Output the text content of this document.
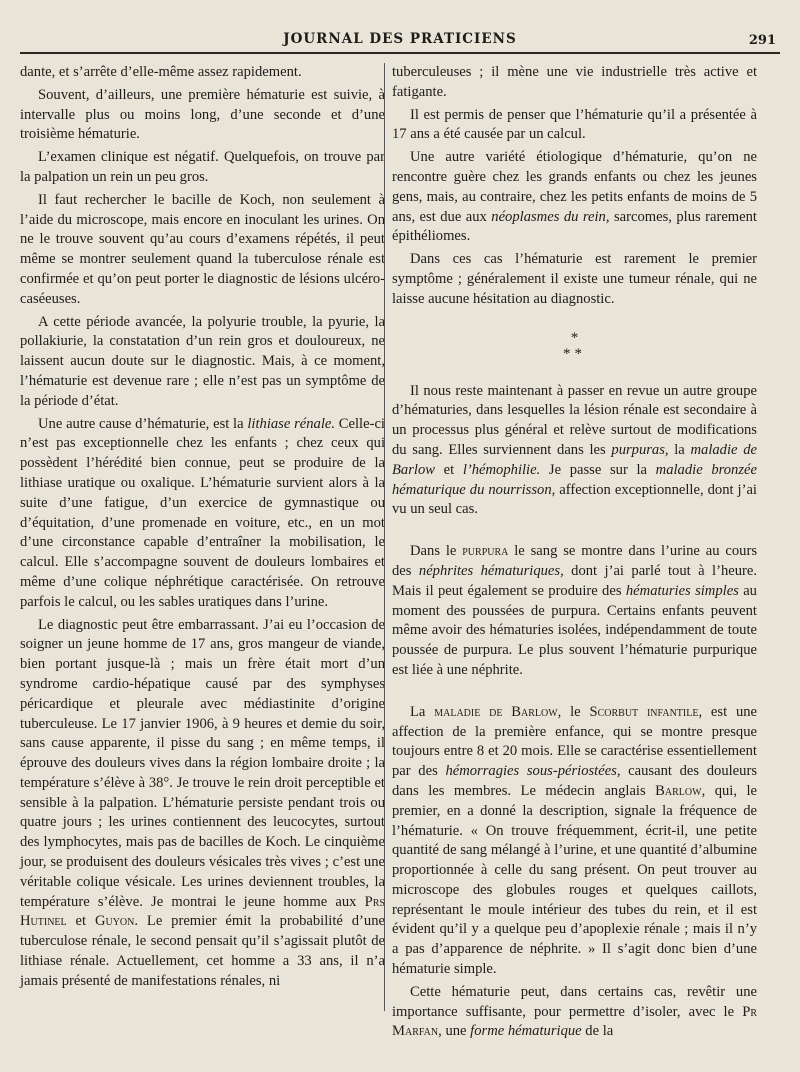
JOURNAL DES PRATICIENS	291

dante, et s’arrête d’elle-même assez rapidement.

Souvent, d’ailleurs, une première hématurie est suivie, à intervalle plus ou moins long, d’une seconde et d’une troisième hématurie.

L’examen clinique est négatif. Quelquefois, on trouve par la palpation un rein un peu gros.

Il faut rechercher le bacille de Koch, non seulement à l’aide du microscope, mais encore en inoculant les urines. On ne le trouve souvent qu’au cours d’examens répétés, il peut même se montrer seulement quand la tuberculose rénale est confirmée et qu’on peut porter le diagnostic de lésions ulcéro-caséeuses.

A cette période avancée, la polyurie trouble, la pyurie, la pollakiurie, la constatation d’un rein gros et douloureux, ne laissent aucun doute sur le diagnostic. Mais, à ce moment, l’hématurie est devenue rare ; elle n’est pas un symptôme de la période d’état.

Une autre cause d’hématurie, est la lithiase rénale. Celle-ci n’est pas exceptionnelle chez les enfants ; chez ceux qui possèdent l’hérédité bien connue, peut se produire de la lithiase uratique ou oxalique. L’hématurie survient alors à la suite d’une fatigue, d’un exercice de gymnastique ou d’équitation, d’une promenade en voiture, etc., en un mot d’une circonstance capable d’entraîner la mobilisation, le calcul. Elle s’accompagne souvent de douleurs lombaires et même d’une colique néphrétique caractérisée. On retrouve parfois le calcul, ou les sables uratiques dans l’urine.

Le diagnostic peut être embarrassant. J’ai eu l’occasion de soigner un jeune homme de 17 ans, gros mangeur de viande, bien portant jusque-là ; mais un frère était mort d’un syndrome cardio-hépatique causé par des symphyses péricardique et pleurale avec médiastinite d’origine tuberculeuse. Le 17 janvier 1906, à 9 heures et demie du soir, sans cause apparente, il pisse du sang ; en même temps, il éprouve des douleurs vives dans la région lombaire droite ; la température s’élève à 38°. Je trouve le rein droit perceptible et sensible à la palpation. L’hématurie persiste pendant trois ou quatre jours ; les urines contiennent des leucocytes, surtout des lymphocytes, mais pas de bacilles de Koch. Le cinquième jour, se produisent des douleurs vésicales très vives ; c’est une véritable colique vésicale. Les urines deviennent troubles, la température s’élève. Je montrai le jeune homme aux Prs Hutinel et Guyon. Le premier émit la probabilité d’une tuberculose rénale, le second pensait qu’il s’agissait plutôt de lithiase rénale. Actuellement, cet homme a 33 ans, il n’a jamais présenté de manifestations rénales, ni

tuberculeuses ; il mène une vie industrielle très active et fatigante.

Il est permis de penser que l’hématurie qu’il a présentée à 17 ans a été causée par un calcul.

Une autre variété étiologique d’hématurie, qu’on ne rencontre guère chez les grands enfants ou chez les jeunes gens, mais, au contraire, chez les petits enfants de moins de 5 ans, est due aux néoplasmes du rein, sarcomes, plus rarement épithéliomes.

Dans ces cas l’hématurie est rarement le premier symptôme ; généralement il existe une tumeur rénale, qui ne laisse aucune hésitation au diagnostic.

*
**

Il nous reste maintenant à passer en revue un autre groupe d’hématuries, dans lesquelles la lésion rénale est secondaire à un processus plus général et relève surtout de modifications du sang. Elles surviennent dans les purpuras, la maladie de Barlow et l’hémophilie. Je passe sur la maladie bronzée hématurique du nourrisson, affection exceptionnelle, dont j’ai vu un seul cas.

Dans le purpura le sang se montre dans l’urine au cours des néphrites hématuriques, dont j’ai parlé tout à l’heure. Mais il peut également se produire des hématuries simples au moment des poussées de purpura. Certains enfants peuvent même avoir des hématuries isolées, indépendamment de toute poussée de purpura. Le plus souvent l’hématurie purpurique est liée à une néphrite.

La maladie de Barlow, le Scorbut infantile, est une affection de la première enfance, qui se montre presque toujours entre 8 et 20 mois. Elle se caractérise essentiellement par des hémorragies sous-périostées, causant des douleurs dans les membres. Le médecin anglais Barlow, qui, le premier, en a donné la description, signale la fréquence de l’hématurie. « On trouve fréquemment, écrit-il, une petite quantité de sang mélangé à l’urine, et une quantité d’albumine proportionnée à celle du sang présent. On peut trouver au microscope des globules rouges et quelques caillots, représentant le moule intérieur des tubes du rein, et il est évident qu’il y a quelque peu d’apoplexie rénale ; mais il n’y a pas d’apparence de néphrite. » Il s’agit donc bien d’une hématurie simple.

Cette hématurie peut, dans certains cas, revêtir une importance suffisante, pour permettre d’isoler, avec le Pr Marfan, une forme hématurique de la
